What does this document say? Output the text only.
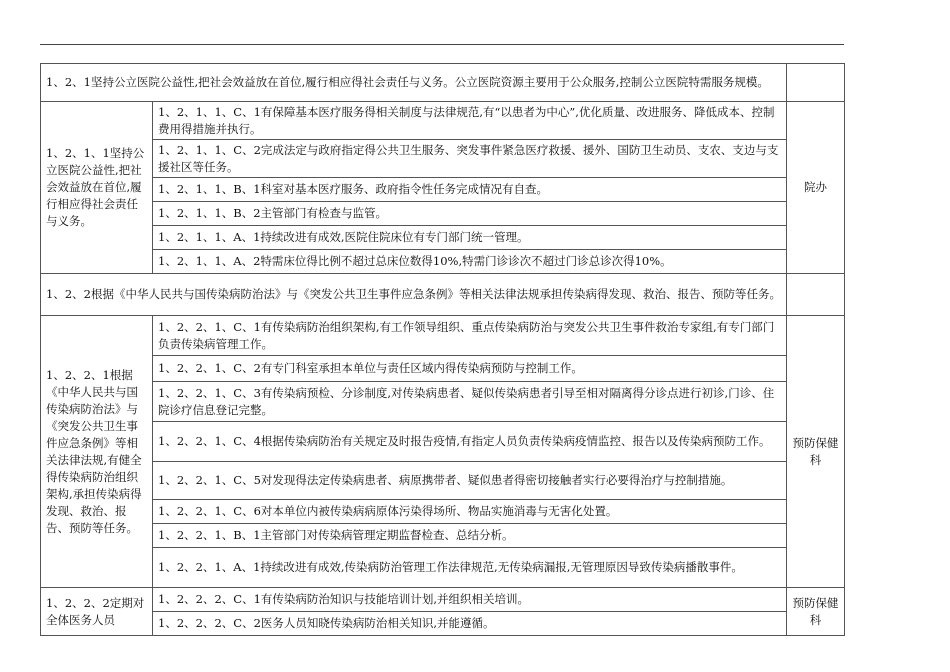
1、2、1坚持公立医院公益性,把社会效益放在首位,履行相应得社会责任与义务。公立医院资源主要用于公众服务,控制公立医院特需服务规模。		
1、2、1、1坚持公立医院公益性,把社会效益放在首位,履行相应得社会责任与义务。	1、2、1、1、C、1有保障基本医疗服务得相关制度与法律规范,有“以患者为中心”,优化质量、改进服务、降低成本、控制费用得措施并执行。	院办
	1、2、1、1、C、2完成法定与政府指定得公共卫生服务、突发事件紧急医疗救援、援外、国防卫生动员、支农、支边与支援社区等任务。	
	1、2、1、1、B、1科室对基本医疗服务、政府指令性任务完成情况有自查。	
	1、2、1、1、B、2主管部门有检查与监管。	
	1、2、1、1、A、1持续改进有成效,医院住院床位有专门部门统一管理。	
	1、2、1、1、A、2特需床位得比例不超过总床位数得10%,特需门诊诊次不超过门诊总诊次得10%。	
1、2、2根据《中华人民共与国传染病防治法》与《突发公共卫生事件应急条例》等相关法律法规承担传染病得发现、救治、报告、预防等任务。		
1、2、2、1根据《中华人民共与国传染病防治法》与《突发公共卫生事件应急条例》等相关法律法规,有健全得传染病防治组织架构,承担传染病得发现、救治、报告、预防等任务。	1、2、2、1、C、1有传染病防治组织架构,有工作领导组织、重点传染病防治与突发公共卫生事件救治专家组,有专门部门负责传染病管理工作。	预防保健科
	1、2、2、1、C、2有专门科室承担本单位与责任区域内得传染病预防与控制工作。	
	1、2、2、1、C、3有传染病预检、分诊制度,对传染病患者、疑似传染病患者引导至相对隔离得分诊点进行初诊,门诊、住院诊疗信息登记完整。	
	1、2、2、1、C、4根据传染病防治有关规定及时报告疫情,有指定人员负责传染病疫情监控、报告以及传染病预防工作。	
	1、2、2、1、C、5对发现得法定传染病患者、病原携带者、疑似患者得密切接触者实行必要得治疗与控制措施。	
	1、2、2、1、C、6对本单位内被传染病病原体污染得场所、物品实施消毒与无害化处置。	
	1、2、2、1、B、1主管部门对传染病管理定期监督检查、总结分析。	
	1、2、2、1、A、1持续改进有成效,传染病防治管理工作法律规范,无传染病漏报,无管理原因导致传染病播散事件。	
1、2、2、2定期对全体医务人员	1、2、2、2、C、1有传染病防治知识与技能培训计划,并组织相关培训。	预防保健科
	1、2、2、2、C、2医务人员知晓传染病防治相关知识,并能遵循。	
